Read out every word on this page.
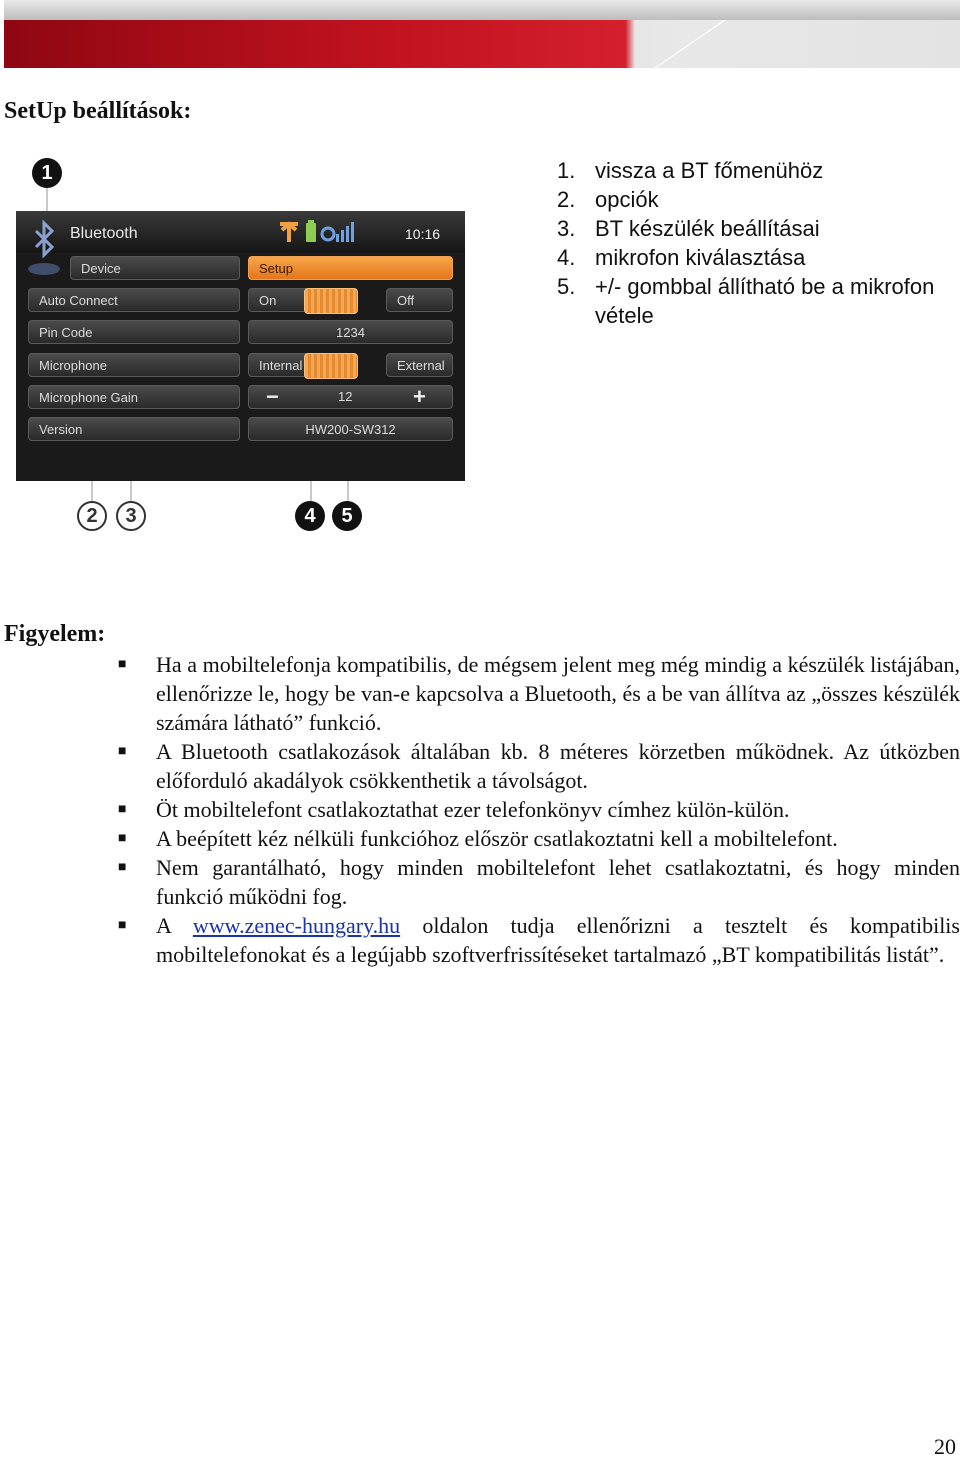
SetUp beállítások:
1. vissza a BT főmenühöz
2. opciók
3. BT készülék beállításai
4. mikrofon kiválasztása
5. +/- gombbal állítható be a mikrofon vétele
1
Bluetooth	10:16
Device	Setup
Auto Connect	On	Off
Pin Code	1234
Microphone	Internal	External
Microphone Gain	−	12	+
Version	HW200-SW312
2	3	4	5
Figyelem:
■	Ha a mobiltelefonja kompatibilis, de mégsem jelent meg még mindig a készülék listájában, ellenőrizze le, hogy be van-e kapcsolva a Bluetooth, és a be van állítva az „összes készülék számára látható” funkció.
■	A Bluetooth csatlakozások általában kb. 8 méteres körzetben működnek. Az útközben előforduló akadályok csökkenthetik a távolságot.
■	Öt mobiltelefont csatlakoztathat ezer telefonkönyv címhez külön-külön.
■	A beépített kéz nélküli funkcióhoz először csatlakoztatni kell a mobiltelefont.
■	Nem garantálható, hogy minden mobiltelefont lehet csatlakoztatni, és hogy minden funkció működni fog.
■	A www.zenec-hungary.hu oldalon tudja ellenőrizni a tesztelt és kompatibilis mobiltelefonokat és a legújabb szoftverfrissítéseket tartalmazó „BT kompatibilitás listát”.
20
